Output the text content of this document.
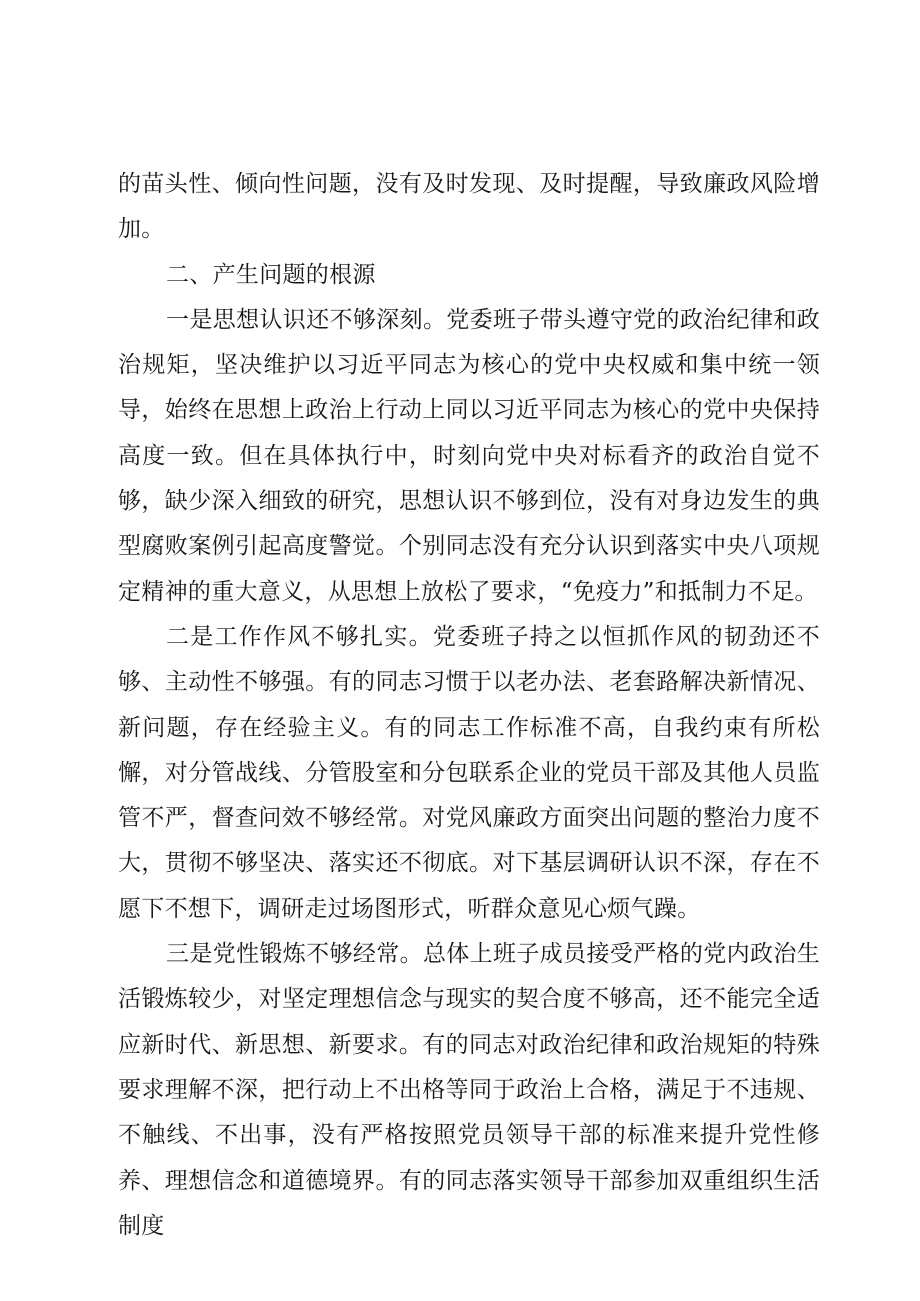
的苗头性、倾向性问题，没有及时发现、及时提醒，导致廉政风险增加。

二、产生问题的根源

一是思想认识还不够深刻。党委班子带头遵守党的政治纪律和政治规矩，坚决维护以习近平同志为核心的党中央权威和集中统一领导，始终在思想上政治上行动上同以习近平同志为核心的党中央保持高度一致。但在具体执行中，时刻向党中央对标看齐的政治自觉不够，缺少深入细致的研究，思想认识不够到位，没有对身边发生的典型腐败案例引起高度警觉。个别同志没有充分认识到落实中央八项规定精神的重大意义，从思想上放松了要求，“免疫力”和抵制力不足。

二是工作作风不够扎实。党委班子持之以恒抓作风的韧劲还不够、主动性不够强。有的同志习惯于以老办法、老套路解决新情况、新问题，存在经验主义。有的同志工作标准不高，自我约束有所松懈，对分管战线、分管股室和分包联系企业的党员干部及其他人员监管不严，督查问效不够经常。对党风廉政方面突出问题的整治力度不大，贯彻不够坚决、落实还不彻底。对下基层调研认识不深，存在不愿下不想下，调研走过场图形式，听群众意见心烦气躁。

三是党性锻炼不够经常。总体上班子成员接受严格的党内政治生活锻炼较少，对坚定理想信念与现实的契合度不够高，还不能完全适应新时代、新思想、新要求。有的同志对政治纪律和政治规矩的特殊要求理解不深，把行动上不出格等同于政治上合格，满足于不违规、不触线、不出事，没有严格按照党员领导干部的标准来提升党性修养、理想信念和道德境界。有的同志落实领导干部参加双重组织生活制度
